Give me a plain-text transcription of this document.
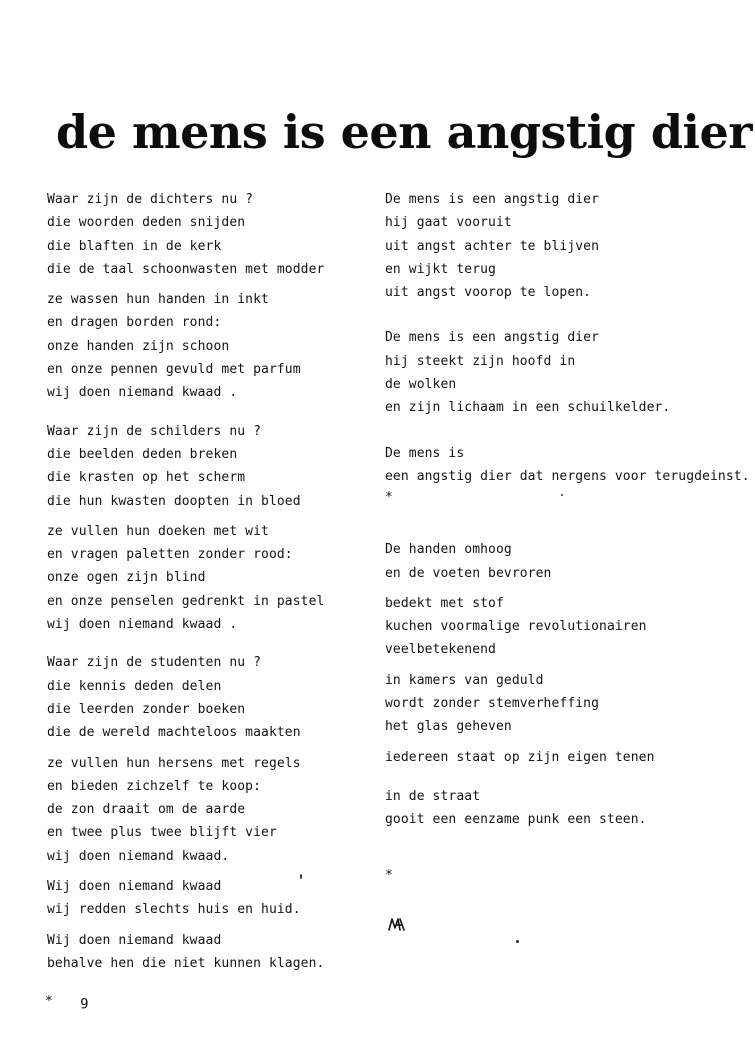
de mens is een angstig dier
Waar zijn de dichters nu ?
die woorden deden snijden
die blaften in de kerk
die de taal schoonwasten met modder
ze wassen hun handen in inkt
en dragen borden rond:
onze handen zijn schoon
en onze pennen gevuld met parfum
wij doen niemand kwaad .
Waar zijn de schilders nu ?
die beelden deden breken
die krasten op het scherm
die hun kwasten doopten in bloed
ze vullen hun doeken met wit
en vragen paletten zonder rood:
onze ogen zijn blind
en onze penselen gedrenkt in pastel
wij doen niemand kwaad .
Waar zijn de studenten nu ?
die kennis deden delen
die leerden zonder boeken
die de wereld machteloos maakten
ze vullen hun hersens met regels
en bieden zichzelf te koop:
de zon draait om de aarde
en twee plus twee blijft vier
wij doen niemand kwaad.
Wij doen niemand kwaad
wij redden slechts huis en huid.
Wij doen niemand kwaad
behalve hen die niet kunnen klagen.
De mens is een angstig dier
hij gaat vooruit
uit angst achter te blijven
en wijkt terug
uit angst voorop te lopen.
De mens is een angstig dier
hij steekt zijn hoofd in
de wolken
en zijn lichaam in een schuilkelder.
De mens is
een angstig dier dat nergens voor terugdeinst.
*
De handen omhoog
en de voeten bevroren
bedekt met stof
kuchen voormalige revolutionairen
veelbetekenend
in kamers van geduld
wordt zonder stemverheffing
het glas geheven
iedereen staat op zijn eigen tenen
in de straat
gooit een eenzame punk een steen.
*
* 6
